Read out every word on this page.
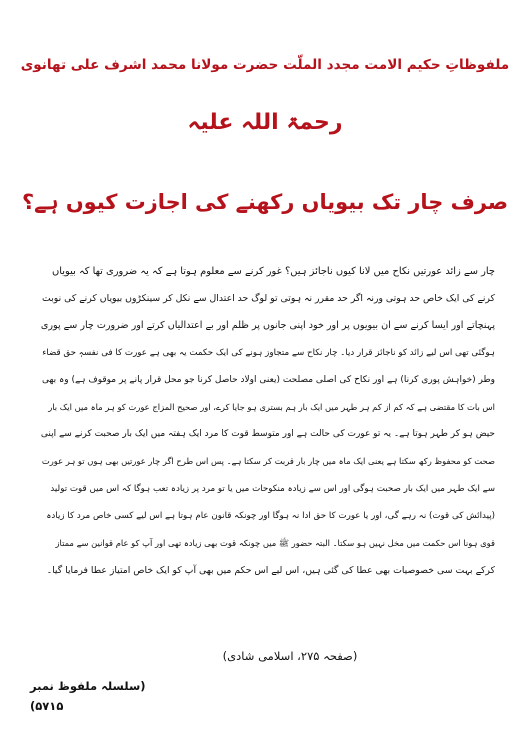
ملفوظاتِ حکیم الامت مجدد الملّت حضرت مولانا محمد اشرف علی تھانوی
رحمۃ اللہ علیہ
صرف چار تک بیویاں رکھنے کی اجازت کیوں ہے؟
چار سے زائد عورتیں نکاح میں لانا کیوں ناجائز ہیں؟ غور کرنے سے معلوم ہوتا ہے کہ یہ ضروری تھا کہ بیویاں
کرنے کی ایک خاص حد ہوتی ورنہ اگر حد مقرر نہ ہوتی تو لوگ حد اعتدال سے نکل کر سینکڑوں بیویاں کرنے کی نوبت
پہنچاتے اور ایسا کرنے سے ان بیویوں پر اور خود اپنی جانوں پر ظلم اور بے اعتدالیاں کرتے اور ضرورت چار سے پوری
ہوگئی تھی اس لیے زائد کو ناجائز قرار دیا۔ چار نکاح سے متجاوز ہونے کی ایک حکمت یہ بھی ہے عورت کا فی نفسہٖ حق قضاء
وطر (خواہش پوری کرنا) ہے اور نکاح کی اصلی مصلحت (یعنی اولاد حاصل کرنا جو محل قرار پانے پر موقوف ہے) وہ بھی
اس بات کا مقتضی ہے کہ کم از کم ہر طہر میں ایک بار ہم بستری ہو جایا کرے، اور صحیح المزاج عورت کو ہر ماہ میں ایک بار
حیض ہو کر طہر ہوتا ہے۔ یہ تو عورت کی حالت ہے اور متوسط قوت کا مرد ایک ہفتہ میں ایک بار صحبت کرنے سے اپنی
صحت کو محفوظ رکھ سکتا ہے یعنی ایک ماہ میں چار بار قربت کر سکتا ہے۔ پس اس طرح اگر چار عورتیں بھی ہوں تو ہر عورت
سے ایک طہر میں ایک بار صحبت ہوگی اور اس سے زیادہ منکوحات میں یا تو مرد پر زیادہ تعب ہوگا کہ اس میں قوت تولید
(پیدائش کی قوت) نہ رہے گی، اور یا عورت کا حق ادا نہ ہوگا اور چونکہ قانون عام ہوتا ہے اس لیے کسی خاص مرد کا زیادہ
قوی ہونا اس حکمت میں مخل نہیں ہو سکتا۔ البتہ حضور ﷺ میں چونکہ قوت بھی زیادہ تھی اور آپ کو عام قوانین سے ممتاز
کرکے بہت سی خصوصیات بھی عطا کی گئی ہیں، اس لیے اس حکم میں بھی آپ کو ایک خاص امتیاز عطا فرمایا گیا۔
(صفحہ ۲۷۵، اسلامی شادی)
(سلسلہ ملفوظ نمبر ۵۷۱۵)
